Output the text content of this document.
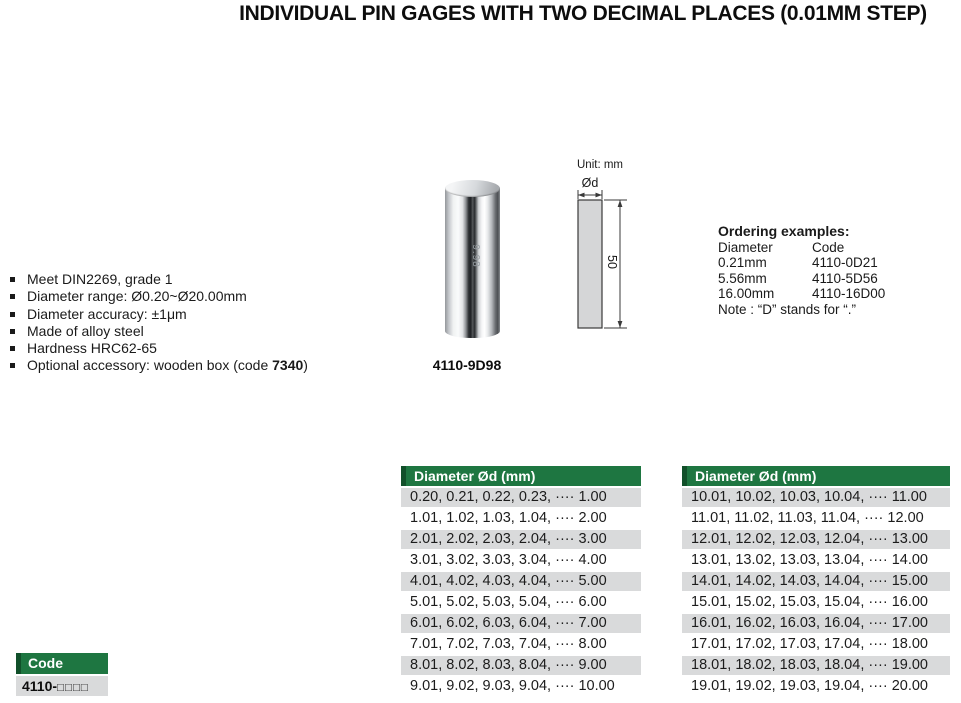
INDIVIDUAL PIN GAGES WITH TWO DECIMAL PLACES (0.01MM STEP)
Meet DIN2269, grade 1
Diameter range: Ø0.20~Ø20.00mm
Diameter accuracy: ±1μm
Made of alloy steel
Hardness HRC62-65
Optional accessory: wooden box (code 7340)
9.98
4110-9D98
Unit: mm
Ød
50
Ordering examples:
Diameter	Code
0.21mm	4110-0D21
5.56mm	4110-5D56
16.00mm	4110-16D00
Note : “D” stands for “.”
Diameter Ød (mm)
0.20, 0.21, 0.22, 0.23, ···· 1.00
1.01, 1.02, 1.03, 1.04, ···· 2.00
2.01, 2.02, 2.03, 2.04, ···· 3.00
3.01, 3.02, 3.03, 3.04, ···· 4.00
4.01, 4.02, 4.03, 4.04, ···· 5.00
5.01, 5.02, 5.03, 5.04, ···· 6.00
6.01, 6.02, 6.03, 6.04, ···· 7.00
7.01, 7.02, 7.03, 7.04, ···· 8.00
8.01, 8.02, 8.03, 8.04, ···· 9.00
9.01, 9.02, 9.03, 9.04, ···· 10.00
Diameter Ød (mm)
10.01, 10.02, 10.03, 10.04, ···· 11.00
11.01, 11.02, 11.03, 11.04, ···· 12.00
12.01, 12.02, 12.03, 12.04, ···· 13.00
13.01, 13.02, 13.03, 13.04, ···· 14.00
14.01, 14.02, 14.03, 14.04, ···· 15.00
15.01, 15.02, 15.03, 15.04, ···· 16.00
16.01, 16.02, 16.03, 16.04, ···· 17.00
17.01, 17.02, 17.03, 17.04, ···· 18.00
18.01, 18.02, 18.03, 18.04, ···· 19.00
19.01, 19.02, 19.03, 19.04, ···· 20.00
Code
4110-□□□□
